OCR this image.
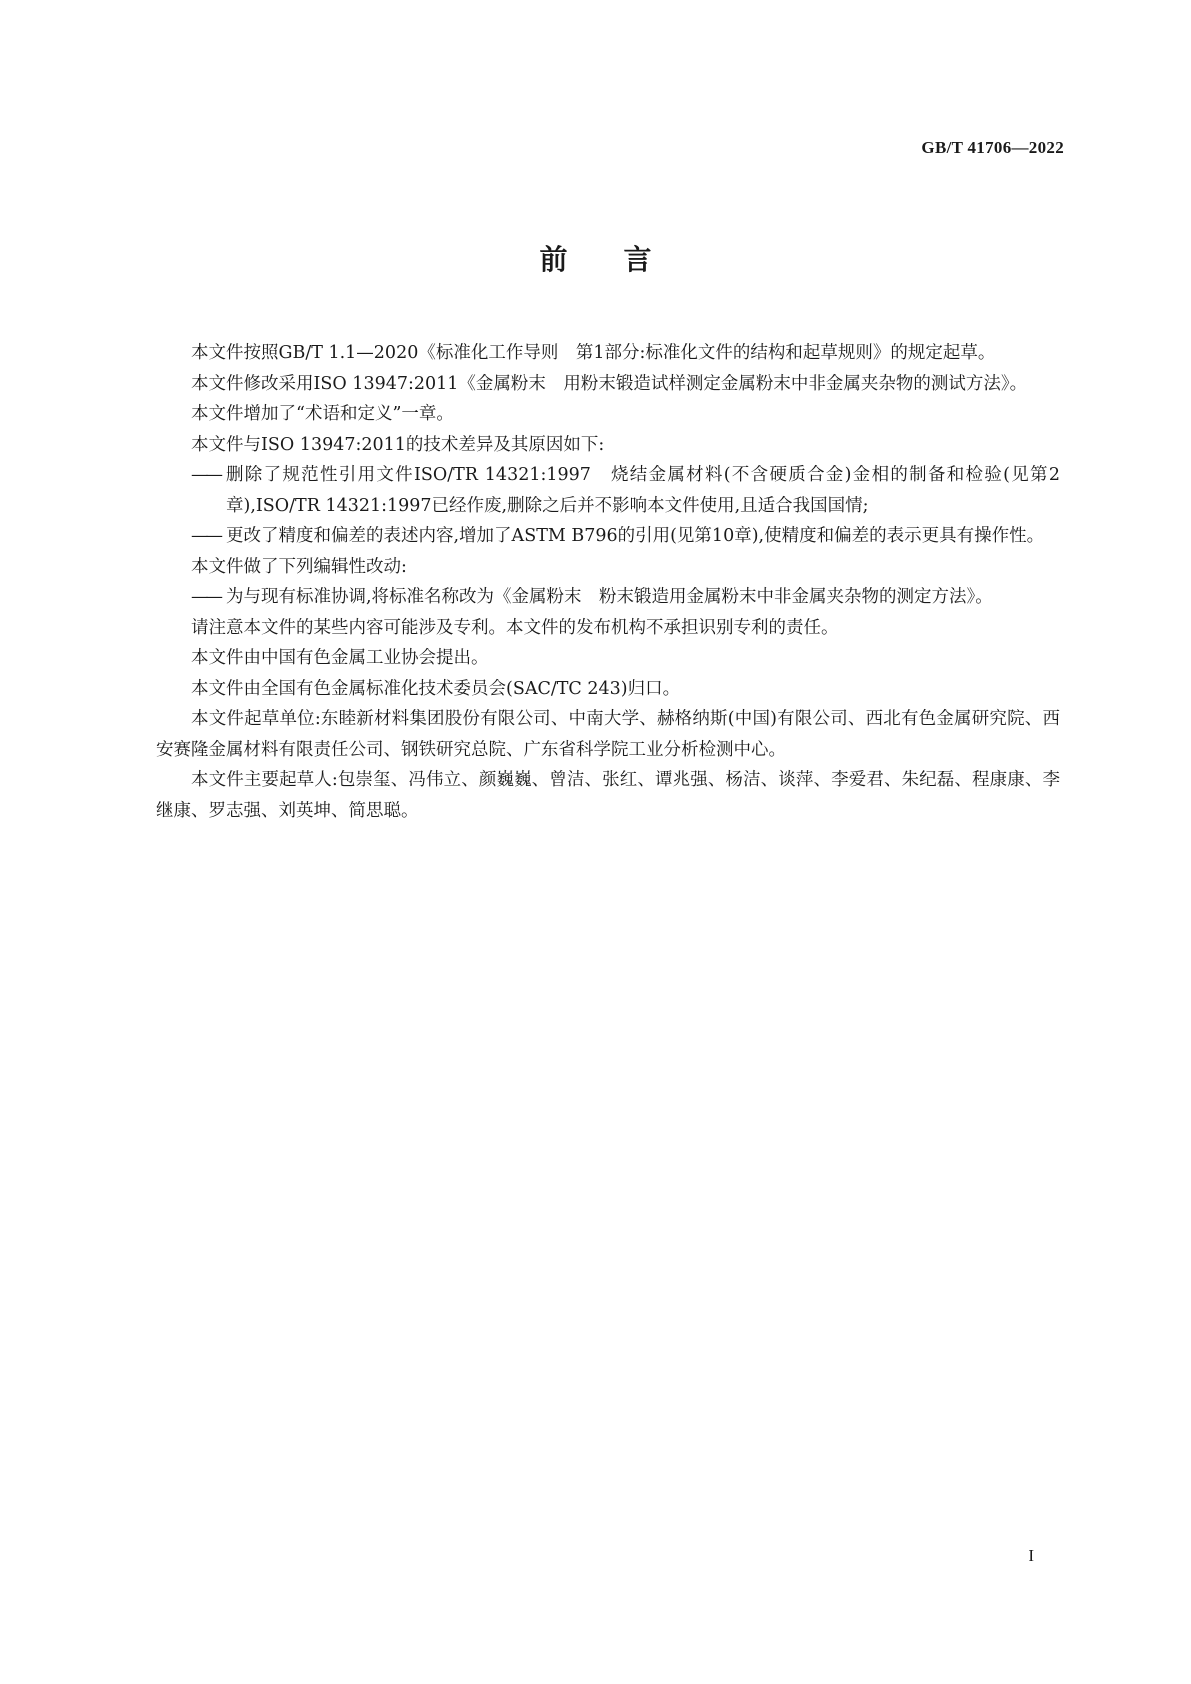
GB/T 41706—2022
前言

本文件按照GB/T 1.1—2020《标准化工作导则　第1部分:标准化文件的结构和起草规则》的规定起草。

本文件修改采用ISO 13947:2011《金属粉末　用粉末锻造试样测定金属粉末中非金属夹杂物的测试方法》。

本文件增加了“术语和定义”一章。

本文件与ISO 13947:2011的技术差异及其原因如下:

—— 删除了规范性引用文件ISO/TR 14321:1997　烧结金属材料(不含硬质合金)金相的制备和检验(见第2章),ISO/TR 14321:1997已经作废,删除之后并不影响本文件使用,且适合我国国情;
—— 更改了精度和偏差的表述内容,增加了ASTM B796的引用(见第10章),使精度和偏差的表示更具有操作性。

本文件做了下列编辑性改动:

—— 为与现有标准协调,将标准名称改为《金属粉末　粉末锻造用金属粉末中非金属夹杂物的测定方法》。

请注意本文件的某些内容可能涉及专利。本文件的发布机构不承担识别专利的责任。

本文件由中国有色金属工业协会提出。

本文件由全国有色金属标准化技术委员会(SAC/TC 243)归口。

本文件起草单位:东睦新材料集团股份有限公司、中南大学、赫格纳斯(中国)有限公司、西北有色金属研究院、西安赛隆金属材料有限责任公司、钢铁研究总院、广东省科学院工业分析检测中心。

本文件主要起草人:包崇玺、冯伟立、颜巍巍、曾洁、张红、谭兆强、杨洁、谈萍、李爱君、朱纪磊、程康康、李继康、罗志强、刘英坤、简思聪。

I
